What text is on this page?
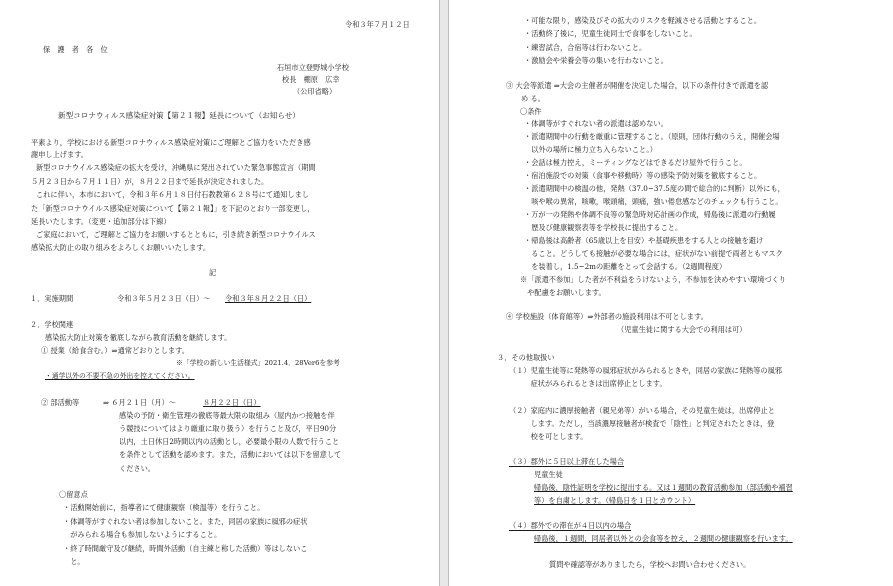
令和３年７月１２日
保　護　者　各　位
石垣市立登野城小学校
校長　棚原　広幸
（公印省略）
新型コロナウィルス感染症対策【第２１報】延長について（お知らせ）
平素より，学校における新型コロナウィルス感染症対策にご理解とご協力をいただき感
謝申し上げます。
新型コロナウイルス感染症の拡大を受け，沖縄県に発出されていた緊急事態宣言（期間
５月２３日から７月１１日）が，８月２２日まで延長が決定されました。
これに伴い，本市において，令和３年６月１８日付石教教第６２８号にて通知しまし
た「新型コロナウイルス感染症対策について【第２１報】」を下記のとおり一部変更し，
延長いたします。（変更・追加部分は下線）
ご家庭において，ご理解とご協力をお願いするとともに，引き続き新型コロナウイルス
感染拡大防止の取り組みをよろしくお願いいたします。
記
１．実施期間	令和３年５月２３日（日）〜 令和３年８月２２日（日）
２．学校関連
感染拡大防止対策を徹底しながら教育活動を継続します。
① 授業（給食含む。）⇒通常どおりとします。
※「学校の新しい生活様式」2021.4．28Ver6を参考
・通学以外の不要不急の外出を控えてください。
② 部活動等	⇒ ６月２１日（月）〜	８月２２日（日）
感染の予防・衛生管理の徹底等最大限の取組み（屋内かつ接触を伴
う競技についてはより厳重に取り扱う）を行うこと及び，平日90分
以内，土日休日2時間以内の活動とし，必要最小限の人数で行うこと
を条件として活動を認めます。また，活動においては以下を留意して
ください。
〇留意点
・活動開始前に，指導者にて健康観察（検温等）を行うこと。
・体調等がすぐれない者は参加しないこと。また，同居の家族に風邪の症状
　がみられる場合も参加しないようにすること。
・終了時間厳守及び継続，時間外活動（自主練と称した活動）等はしないこ
　と。
・可能な限り，感染及びその拡大のリスクを軽減させる活動とすること。
・活動終了後に，児童生徒同士で食事をしないこと。
・練習試合，合宿等は行わないこと。
・激励会や栄養会等の集いを行わないこと。
③ 大会等派遣 ⇒大会の主催者が開催を決定した場合，以下の条件付きで派遣を認
め る。
〇条件
・体調等がすぐれない者の派遣は認めない。
・派遣期間中の行動を厳重に管理すること。（原則，団体行動のうえ，開催会場
　以外の場所に極力立ち入らないこと。）
・会話は極力控え，ミーティングなどはできるだけ屋外で行うこと。
・宿泊施設での対策（食事や移動時）等の感染予防対策を徹底すること。
・派遣期間中の検温の他，発熱（37.0~37.5度の間で総合的に判断）以外にも，
　咳や喉の異常，咳嗽，喉頭痛，頭痛，強い倦怠感などのチェックも行うこと。
・万が一の発熱や体調不良等の緊急時対応計画の作成，帰島後に派遣の行動履
　歴及び健康観察表等を学校長に提出すること。
・帰島後は高齢者（65歳以上を目安）や基礎疾患をする人との接触を避け
　ること。どうしても接触が必要な場合には，症状がない前提で両者ともマスク
　を装着し，1.5~2mの距離をとって会話する。（2週間程度）
※「派遣不参加」した者が不利益をうけないよう，不参加を決めやすい環境づくり
　や配慮をお願いします。
④ 学校施設（体育館等）⇒外部者の施設利用は不可とします。
（児童生徒に関する大会での利用は可）
３．その他取扱い
（１）児童生徒等に発熱等の風邪症状がみられるときや，同居の家族に発熱等の風邪
　　　症状がみられるときは出席停止とします。
（２）家庭内に濃厚接触者（親兄弟等）がいる場合，その児童生徒は，出席停止と
　　　します。ただし，当該濃厚接触者が検査で「陰性」と判定されたときは，登
　　　校を可とします。
（３）郡外に５日以上滞在した場合
児童生徒
帰島後，陰性証明を学校に提出する。又は１週間の教育活動参加（部活動や補習
等）を自粛とします。（帰島日を１日とカウント）
（４）郡外での滞在が４日以内の場合
帰島後，１週間，同居者以外との会食等を控え，２週間の健康観察を行います。
質問や確認等がありましたら，学校へお問い合わせください。
